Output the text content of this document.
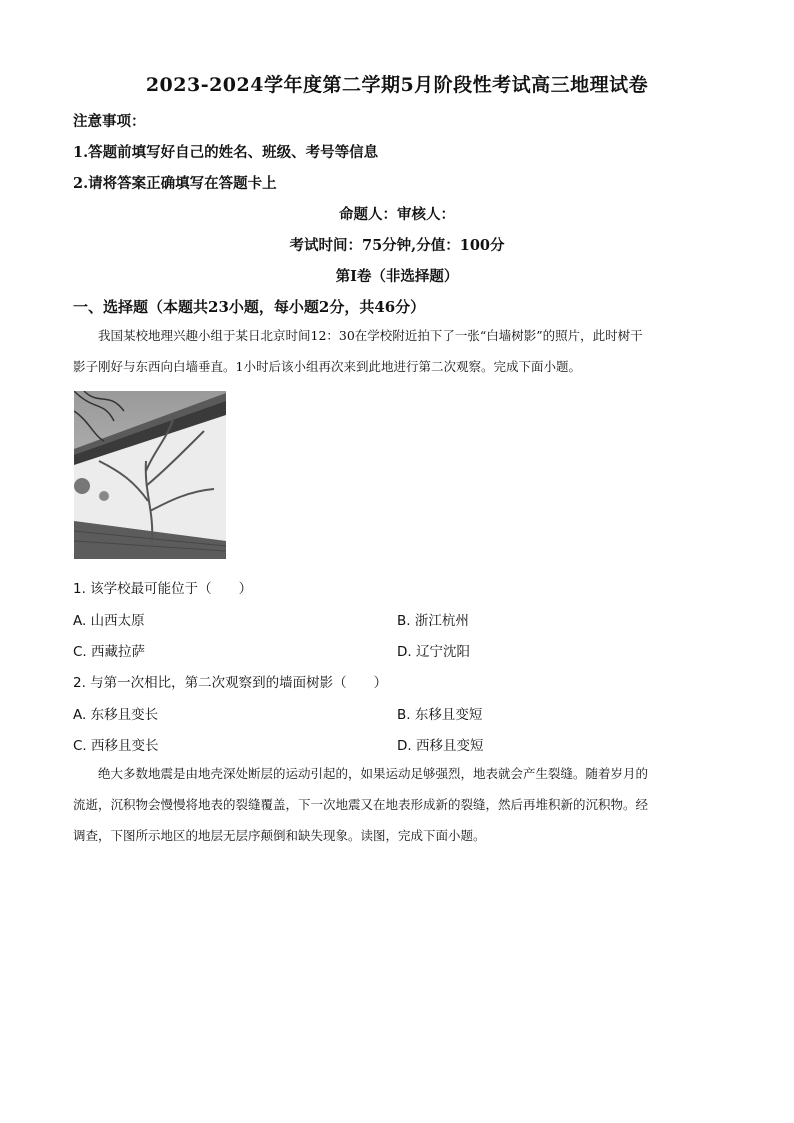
2023-2024学年度第二学期5月阶段性考试高三地理试卷
注意事项：
1.答题前填写好自己的姓名、班级、考号等信息
2.请将答案正确填写在答题卡上
命题人：审核人：
考试时间：75分钟,分值：100分
第I卷（非选择题）
一、选择题（本题共23小题，每小题2分，共46分）
我国某校地理兴趣小组于某日北京时间12：30在学校附近拍下了一张“白墙树影”的照片，此时树干
影子刚好与东西向白墙垂直。1小时后该小组再次来到此地进行第二次观察。完成下面小题。
1. 该学校最可能位于（　　）
A. 山西太原	B. 浙江杭州
C. 西藏拉萨	D. 辽宁沈阳
2. 与第一次相比，第二次观察到的墙面树影（　　）
A. 东移且变长	B. 东移且变短
C. 西移且变长	D. 西移且变短
绝大多数地震是由地壳深处断层的运动引起的，如果运动足够强烈，地表就会产生裂缝。随着岁月的
流逝，沉积物会慢慢将地表的裂缝覆盖，下一次地震又在地表形成新的裂缝，然后再堆积新的沉积物。经
调查，下图所示地区的地层无层序颠倒和缺失现象。读图，完成下面小题。
